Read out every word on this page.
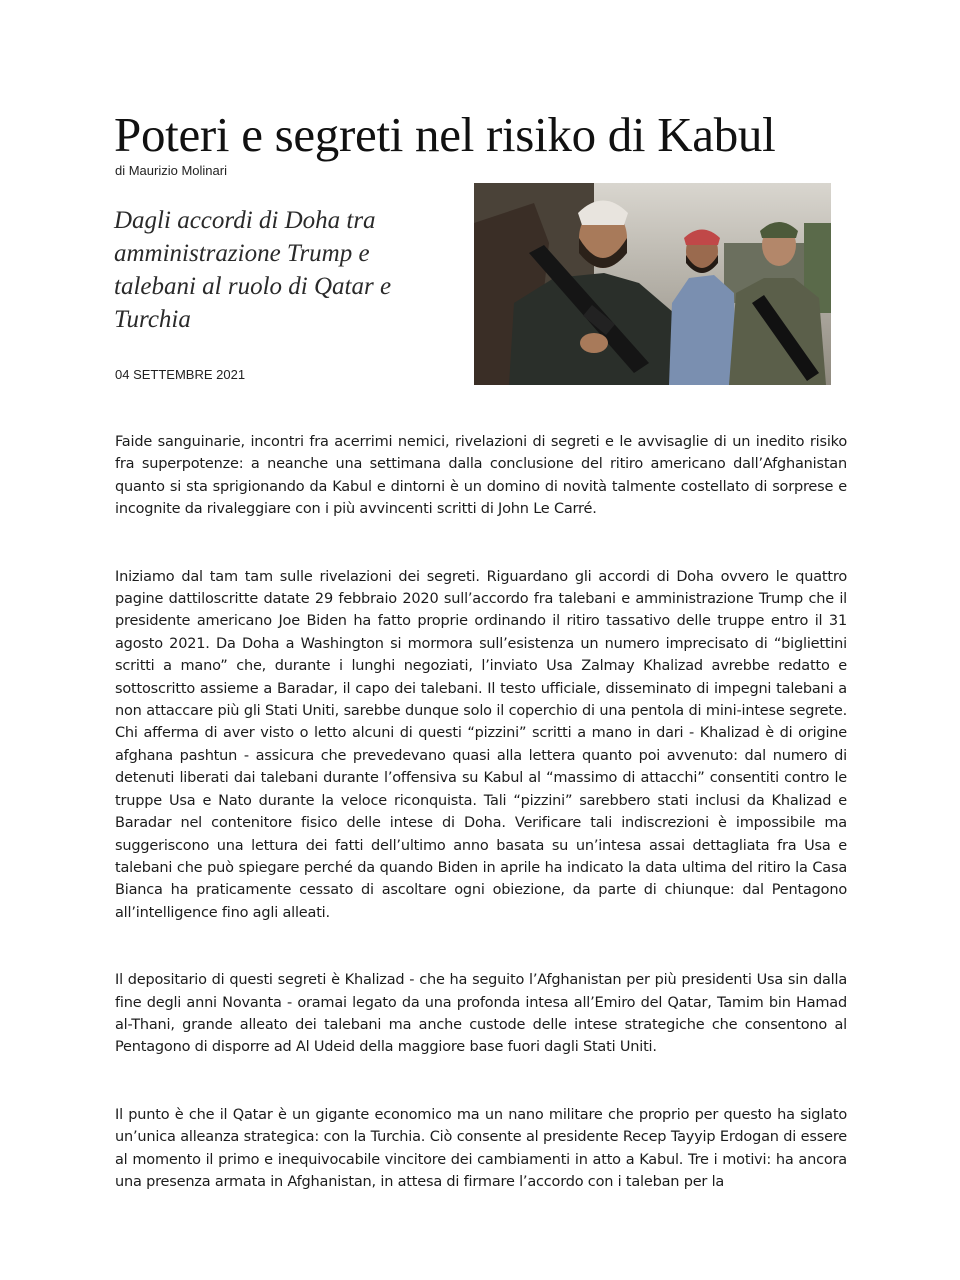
Poteri e segreti nel risiko di Kabul
di Maurizio Molinari
Dagli accordi di Doha tra amministrazione Trump e talebani al ruolo di Qatar e Turchia
04 SETTEMBRE 2021

Faide sanguinarie, incontri fra acerrimi nemici, rivelazioni di segreti e le avvisaglie di un inedito risiko fra superpotenze: a neanche una settimana dalla conclusione del ritiro americano dall’Afghanistan quanto si sta sprigionando da Kabul e dintorni è un domino di novità talmente costellato di sorprese e incognite da rivaleggiare con i più avvincenti scritti di John Le Carré.

Iniziamo dal tam tam sulle rivelazioni dei segreti. Riguardano gli accordi di Doha ovvero le quattro pagine dattiloscritte datate 29 febbraio 2020 sull’accordo fra talebani e amministrazione Trump che il presidente americano Joe Biden ha fatto proprie ordinando il ritiro tassativo delle truppe entro il 31 agosto 2021. Da Doha a Washington si mormora sull’esistenza un numero imprecisato di “bigliettini scritti a mano” che, durante i lunghi negoziati, l’inviato Usa Zalmay Khalizad avrebbe redatto e sottoscritto assieme a Baradar, il capo dei talebani. Il testo ufficiale, disseminato di impegni talebani a non attaccare più gli Stati Uniti, sarebbe dunque solo il coperchio di una pentola di mini-intese segrete. Chi afferma di aver visto o letto alcuni di questi “pizzini” scritti a mano in dari - Khalizad è di origine afghana pashtun - assicura che prevedevano quasi alla lettera quanto poi avvenuto: dal numero di detenuti liberati dai talebani durante l’offensiva su Kabul al “massimo di attacchi” consentiti contro le truppe Usa e Nato durante la veloce riconquista. Tali “pizzini” sarebbero stati inclusi da Khalizad e Baradar nel contenitore fisico delle intese di Doha. Verificare tali indiscrezioni è impossibile ma suggeriscono una lettura dei fatti dell’ultimo anno basata su un’intesa assai dettagliata fra Usa e talebani che può spiegare perché da quando Biden in aprile ha indicato la data ultima del ritiro la Casa Bianca ha praticamente cessato di ascoltare ogni obiezione, da parte di chiunque: dal Pentagono all’intelligence fino agli alleati.

Il depositario di questi segreti è Khalizad - che ha seguito l’Afghanistan per più presidenti Usa sin dalla fine degli anni Novanta - oramai legato da una profonda intesa all’Emiro del Qatar, Tamim bin Hamad al-Thani, grande alleato dei talebani ma anche custode delle intese strategiche che consentono al Pentagono di disporre ad Al Udeid della maggiore base fuori dagli Stati Uniti.

Il punto è che il Qatar è un gigante economico ma un nano militare che proprio per questo ha siglato un’unica alleanza strategica: con la Turchia. Ciò consente al presidente Recep Tayyip Erdogan di essere al momento il primo e inequivocabile vincitore dei cambiamenti in atto a Kabul. Tre i motivi: ha ancora una presenza armata in Afghanistan, in attesa di firmare l’accordo con i taleban per la
